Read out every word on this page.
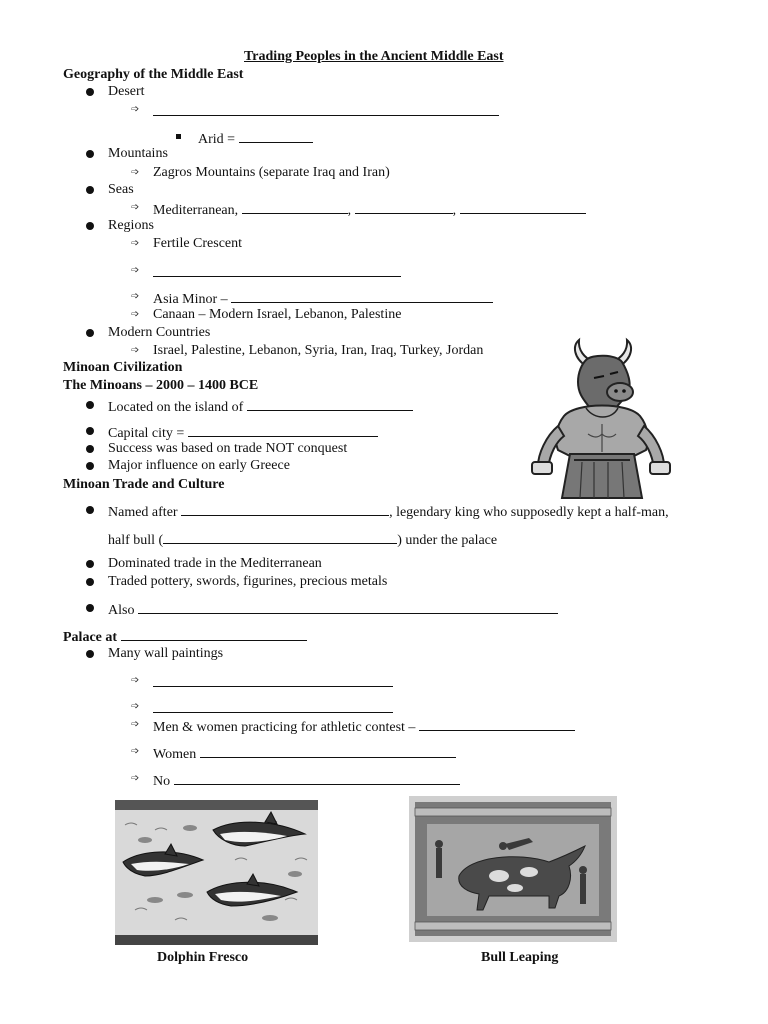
Trading Peoples in the Ancient Middle East
Geography of the Middle East
Desert
➩
Arid =
Mountains
➩ Zagros Mountains (separate Iraq and Iran)
Seas
➩ Mediterranean,	,	,
Regions
➩ Fertile Crescent
➩
➩ Asia Minor –
➩ Canaan – Modern Israel, Lebanon, Palestine
Modern Countries
➩ Israel, Palestine, Lebanon, Syria, Iran, Iraq, Turkey, Jordan
Minoan Civilization
The Minoans – 2000 – 1400 BCE
Located on the island of
Capital city =
Success was based on trade NOT conquest
Major influence on early Greece
Minoan Trade and Culture
Named after	, legendary king who supposedly kept a half-man,
half bull (	) under the palace
Dominated trade in the Mediterranean
Traded pottery, swords, figurines, precious metals
Also
Palace at
Many wall paintings
➩
➩
➩ Men & women practicing for athletic contest –
➩ Women
➩ No
Dolphin Fresco	Bull Leaping
